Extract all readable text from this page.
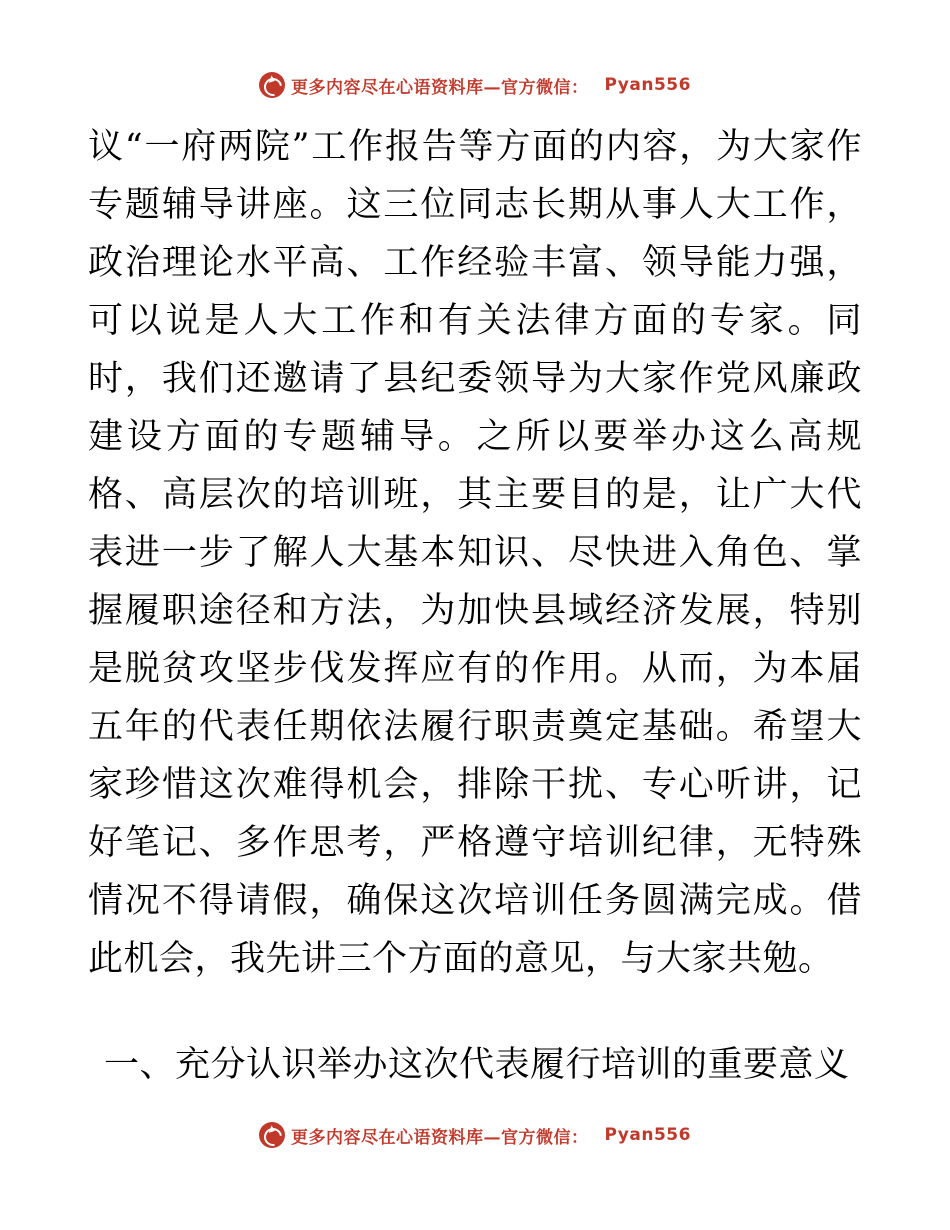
更多内容尽在心语资料库—官方微信： Pyan556

议“一府两院”工作报告等方面的内容，为大家作专题辅导讲座。这三位同志长期从事人大工作，政治理论水平高、工作经验丰富、领导能力强，可以说是人大工作和有关法律方面的专家。同时，我们还邀请了县纪委领导为大家作党风廉政建设方面的专题辅导。之所以要举办这么高规格、高层次的培训班，其主要目的是，让广大代表进一步了解人大基本知识、尽快进入角色、掌握履职途径和方法，为加快县域经济发展，特别是脱贫攻坚步伐发挥应有的作用。从而，为本届五年的代表任期依法履行职责奠定基础。希望大家珍惜这次难得机会，排除干扰、专心听讲，记好笔记、多作思考，严格遵守培训纪律，无特殊情况不得请假，确保这次培训任务圆满完成。借此机会，我先讲三个方面的意见，与大家共勉。

一、充分认识举办这次代表履行培训的重要意义
更多内容尽在心语资料库—官方微信： Pyan556
